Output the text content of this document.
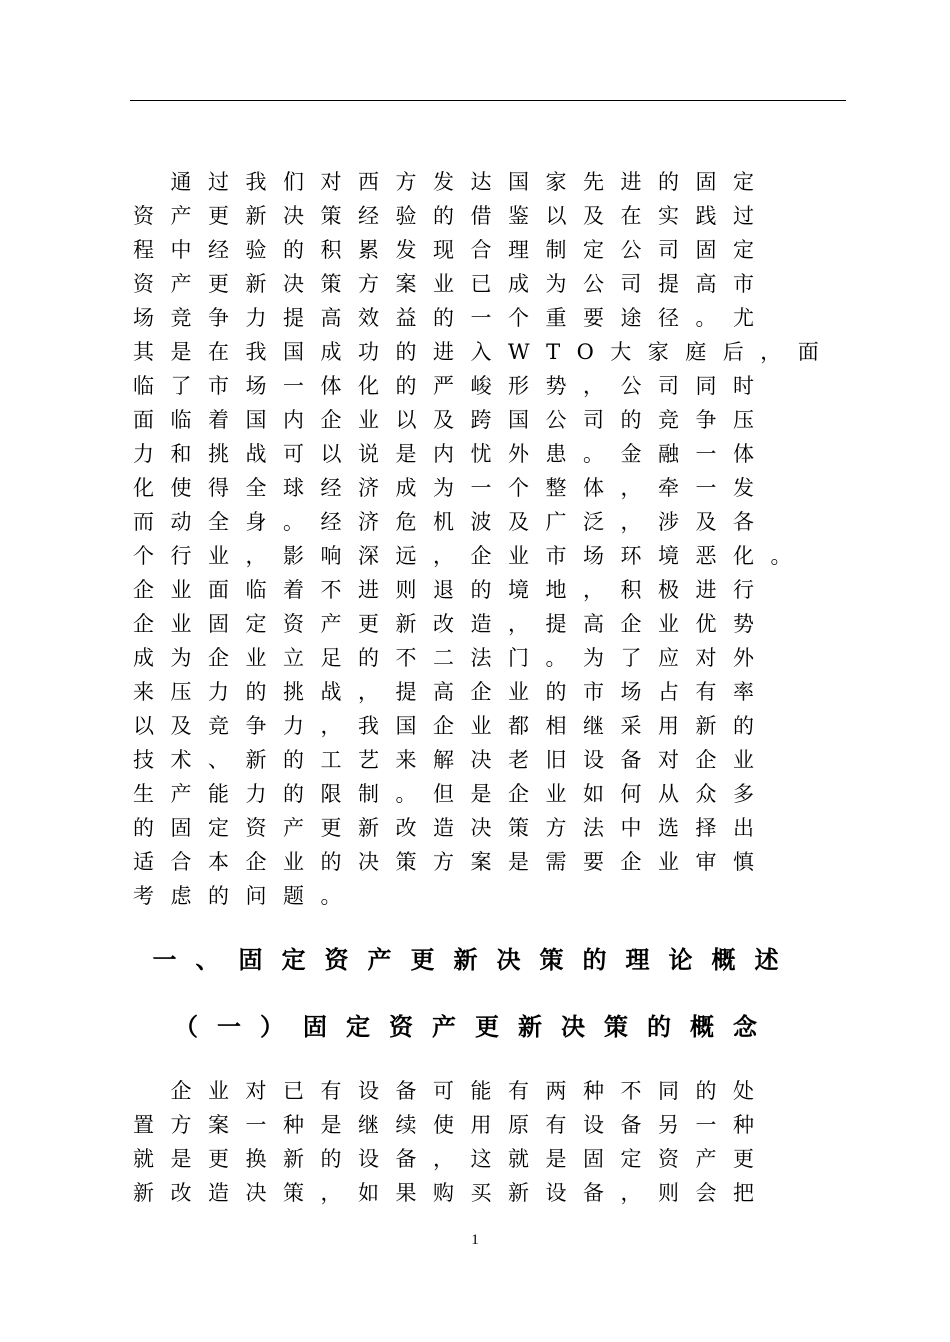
　通过我们对西方发达国家先进的固定
资产更新决策经验的借鉴以及在实践过
程中经验的积累发现合理制定公司固定
资产更新决策方案业已成为公司提高市
场竞争力提高效益的一个重要途径。尤
其是在我国成功的进入WTO大家庭后，面
临了市场一体化的严峻形势，公司同时
面临着国内企业以及跨国公司的竞争压
力和挑战可以说是内忧外患。金融一体
化使得全球经济成为一个整体，牵一发
而动全身。经济危机波及广泛，涉及各
个行业，影响深远，企业市场环境恶化。
企业面临着不进则退的境地，积极进行
企业固定资产更新改造，提高企业优势
成为企业立足的不二法门。为了应对外
来压力的挑战，提高企业的市场占有率
以及竞争力，我国企业都相继采用新的
技术、新的工艺来解决老旧设备对企业
生产能力的限制。但是企业如何从众多
的固定资产更新改造决策方法中选择出
适合本企业的决策方案是需要企业审慎
考虑的问题。
一、固定资产更新决策的理论概述
（一）固定资产更新决策的概念
　企业对已有设备可能有两种不同的处
置方案一种是继续使用原有设备另一种
就是更换新的设备，这就是固定资产更
新改造决策，如果购买新设备，则会把
1
